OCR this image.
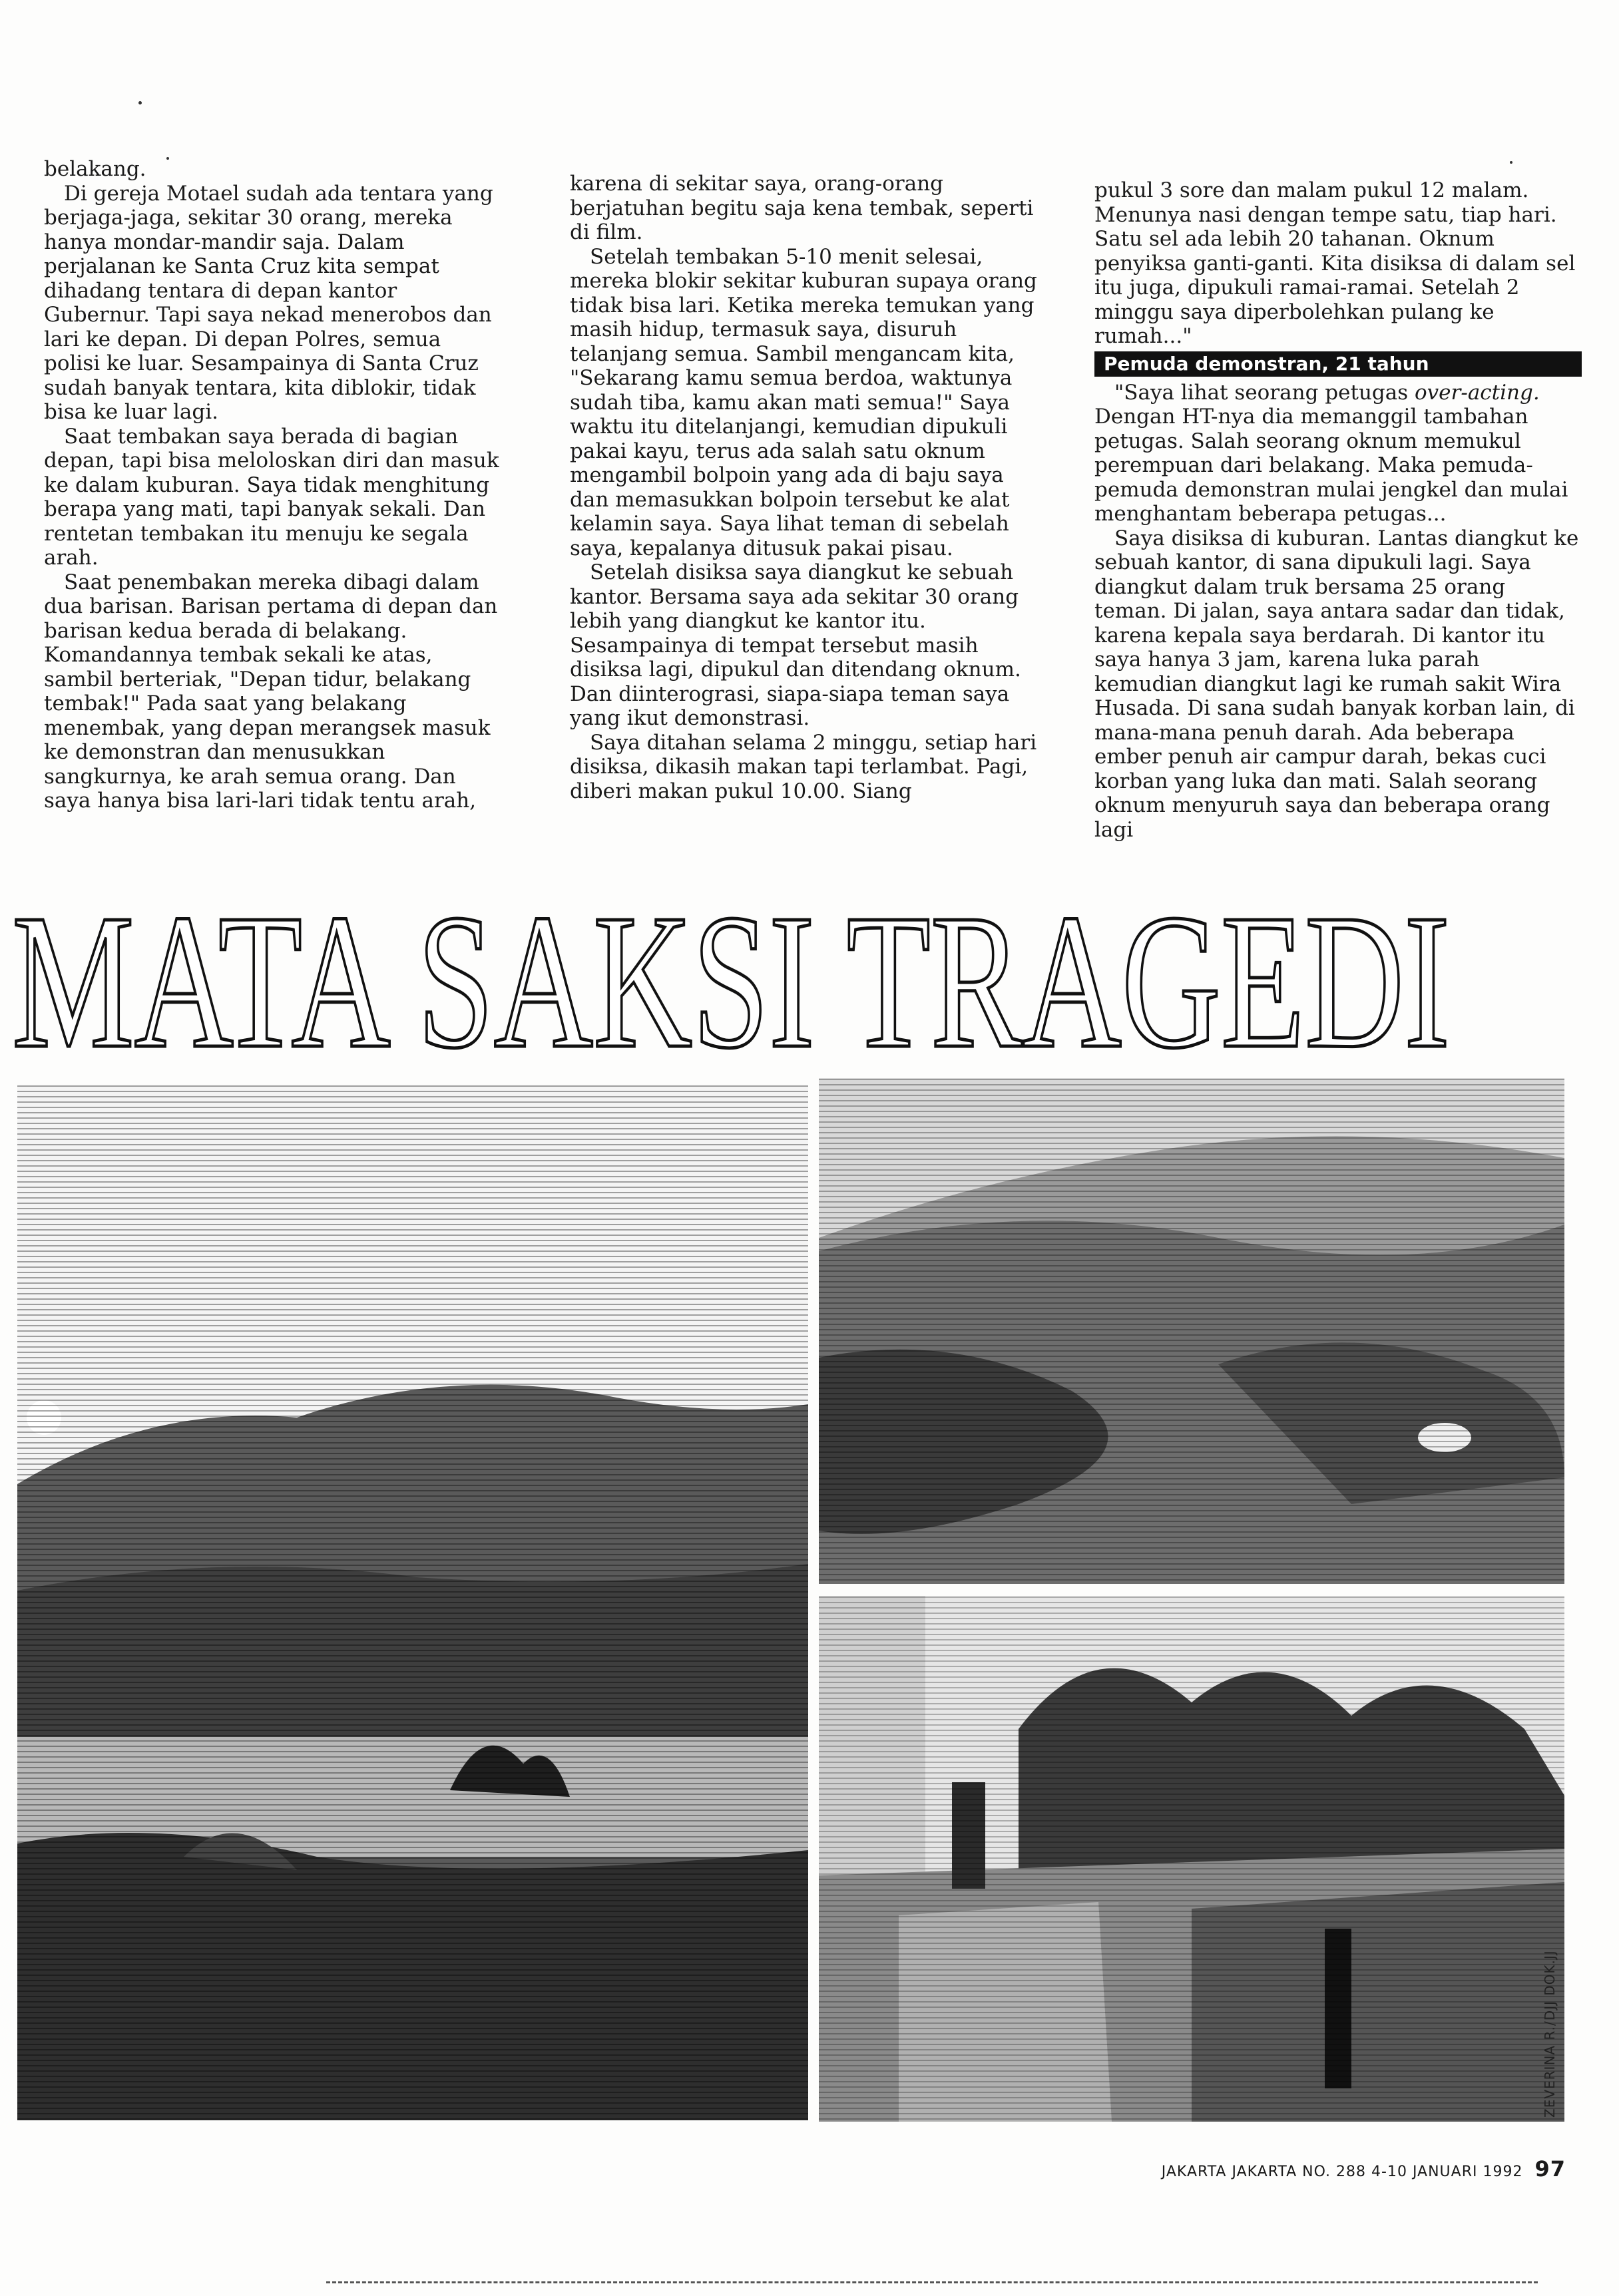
belakang.

Di gereja Motael sudah ada tentara yang berjaga-jaga, sekitar 30 orang, mereka hanya mondar-mandir saja. Dalam perjalanan ke Santa Cruz kita sempat dihadang tentara di depan kantor Gubernur. Tapi saya nekad menerobos dan lari ke depan. Di depan Polres, semua polisi ke luar. Sesampainya di Santa Cruz sudah banyak tentara, kita diblokir, tidak bisa ke luar lagi.

Saat tembakan saya berada di bagian depan, tapi bisa meloloskan diri dan masuk ke dalam kuburan. Saya tidak menghitung berapa yang mati, tapi banyak sekali. Dan rentetan tembakan itu menuju ke segala arah.

Saat penembakan mereka dibagi dalam dua barisan. Barisan pertama di depan dan barisan kedua berada di belakang. Komandannya tembak sekali ke atas, sambil berteriak, "Depan tidur, belakang tembak!" Pada saat yang belakang menembak, yang depan merangsek masuk ke demonstran dan menusukkan sangkurnya, ke arah semua orang. Dan saya hanya bisa lari-lari tidak tentu arah,

karena di sekitar saya, orang-orang berjatuhan begitu saja kena tembak, seperti di film.

Setelah tembakan 5-10 menit selesai, mereka blokir sekitar kuburan supaya orang tidak bisa lari. Ketika mereka temukan yang masih hidup, termasuk saya, disuruh telanjang semua. Sambil mengancam kita, "Sekarang kamu semua berdoa, waktunya sudah tiba, kamu akan mati semua!" Saya waktu itu ditelanjangi, kemudian dipukuli pakai kayu, terus ada salah satu oknum mengambil bolpoin yang ada di baju saya dan memasukkan bolpoin tersebut ke alat kelamin saya. Saya lihat teman di sebelah saya, kepalanya ditusuk pakai pisau.

Setelah disiksa saya diangkut ke sebuah kantor. Bersama saya ada sekitar 30 orang lebih yang diangkut ke kantor itu. Sesampainya di tempat tersebut masih disiksa lagi, dipukul dan ditendang oknum. Dan diinterograsi, siapa-siapa teman saya yang ikut demonstrasi.

Saya ditahan selama 2 minggu, setiap hari disiksa, dikasih makan tapi terlambat. Pagi, diberi makan pukul 10.00. Siang

pukul 3 sore dan malam pukul 12 malam. Menunya nasi dengan tempe satu, tiap hari. Satu sel ada lebih 20 tahanan. Oknum penyiksa ganti-ganti. Kita disiksa di dalam sel itu juga, dipukuli ramai-ramai. Setelah 2 minggu saya diperbolehkan pulang ke rumah..."

Pemuda demonstran, 21 tahun

"Saya lihat seorang petugas over-acting. Dengan HT-nya dia memanggil tambahan petugas. Salah seorang oknum memukul perempuan dari belakang. Maka pemuda-pemuda demonstran mulai jengkel dan mulai menghantam beberapa petugas...

Saya disiksa di kuburan. Lantas diangkut ke sebuah kantor, di sana dipukuli lagi. Saya diangkut dalam truk bersama 25 orang teman. Di jalan, saya antara sadar dan tidak, karena kepala saya berdarah. Di kantor itu saya hanya 3 jam, karena luka parah kemudian diangkut lagi ke rumah sakit Wira Husada. Di sana sudah banyak korban lain, di mana-mana penuh darah. Ada beberapa ember penuh air campur darah, bekas cuci korban yang luka dan mati. Salah seorang oknum menyuruh saya dan beberapa orang lagi

MATA SAKSI TRAGEDI
ZEVERINA R./DJJ DOK.JJ
JAKARTA JAKARTA NO. 288 4-10 JANUARI 1992 97
